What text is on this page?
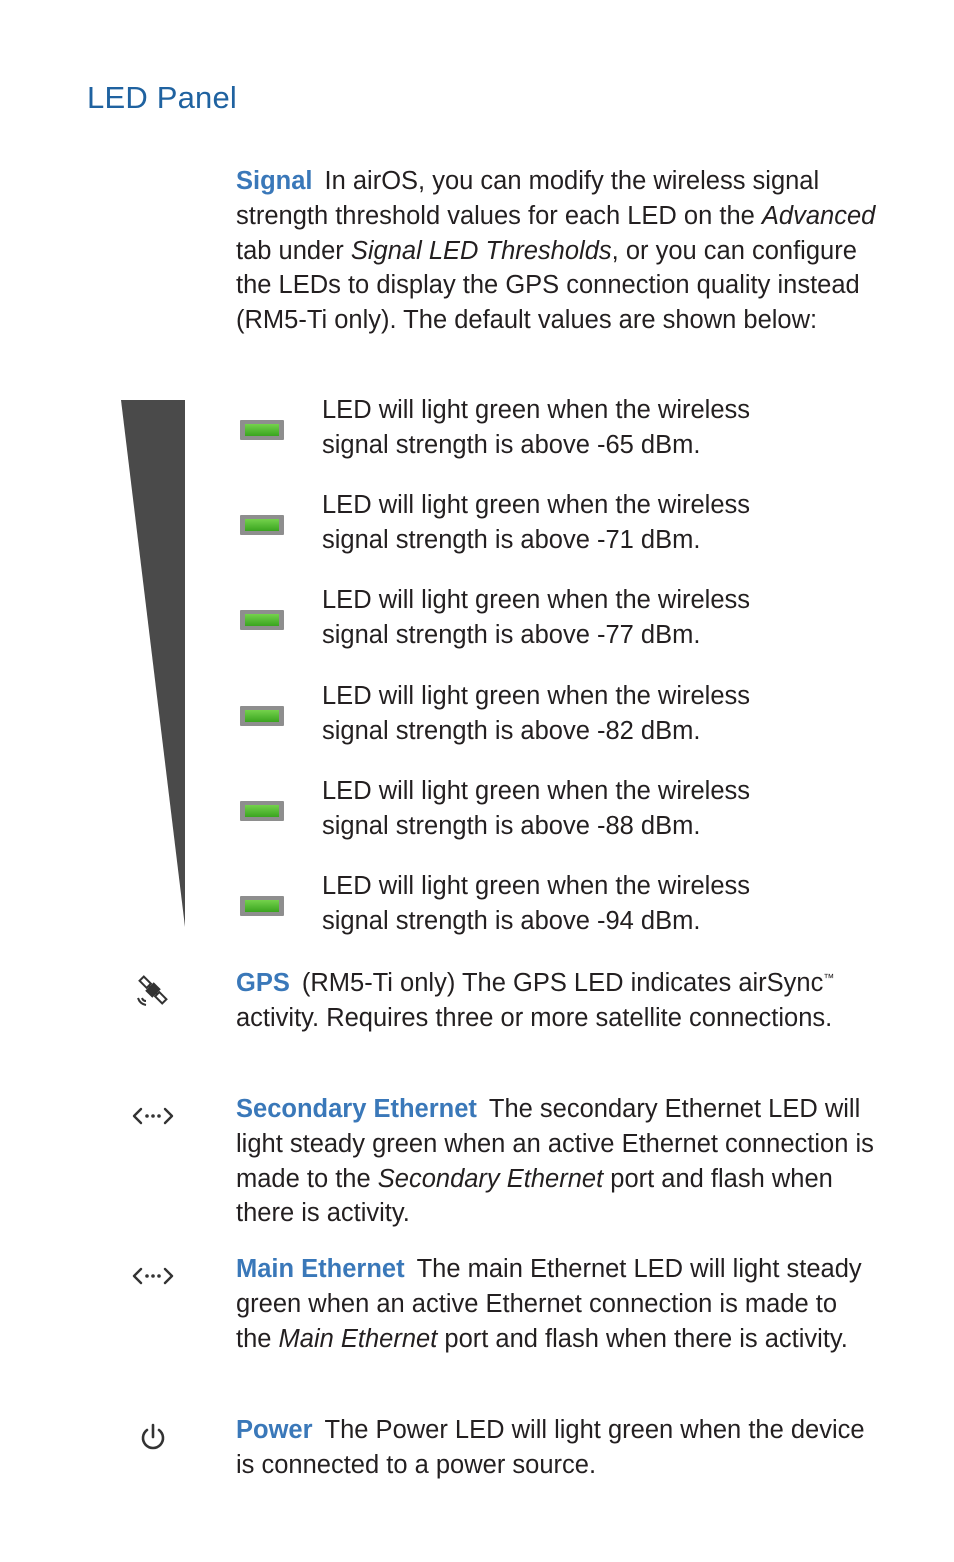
LED Panel

Signal In airOS, you can modify the wireless signal strength threshold values for each LED on the Advanced tab under Signal LED Thresholds, or you can configure the LEDs to display the GPS connection quality instead (RM5-Ti only). The default values are shown below:

LED will light green when the wireless
signal strength is above -65 dBm.
LED will light green when the wireless
signal strength is above -71 dBm.
LED will light green when the wireless
signal strength is above -77 dBm.
LED will light green when the wireless
signal strength is above -82 dBm.
LED will light green when the wireless
signal strength is above -88 dBm.
LED will light green when the wireless
signal strength is above -94 dBm.

GPS (RM5-Ti only) The GPS LED indicates airSync™ activity. Requires three or more satellite connections.

Secondary Ethernet The secondary Ethernet LED will light steady green when an active Ethernet connection is made to the Secondary Ethernet port and flash when there is activity.

Main Ethernet The main Ethernet LED will light steady green when an active Ethernet connection is made to the Main Ethernet port and flash when there is activity.

Power The Power LED will light green when the device is connected to a power source.
